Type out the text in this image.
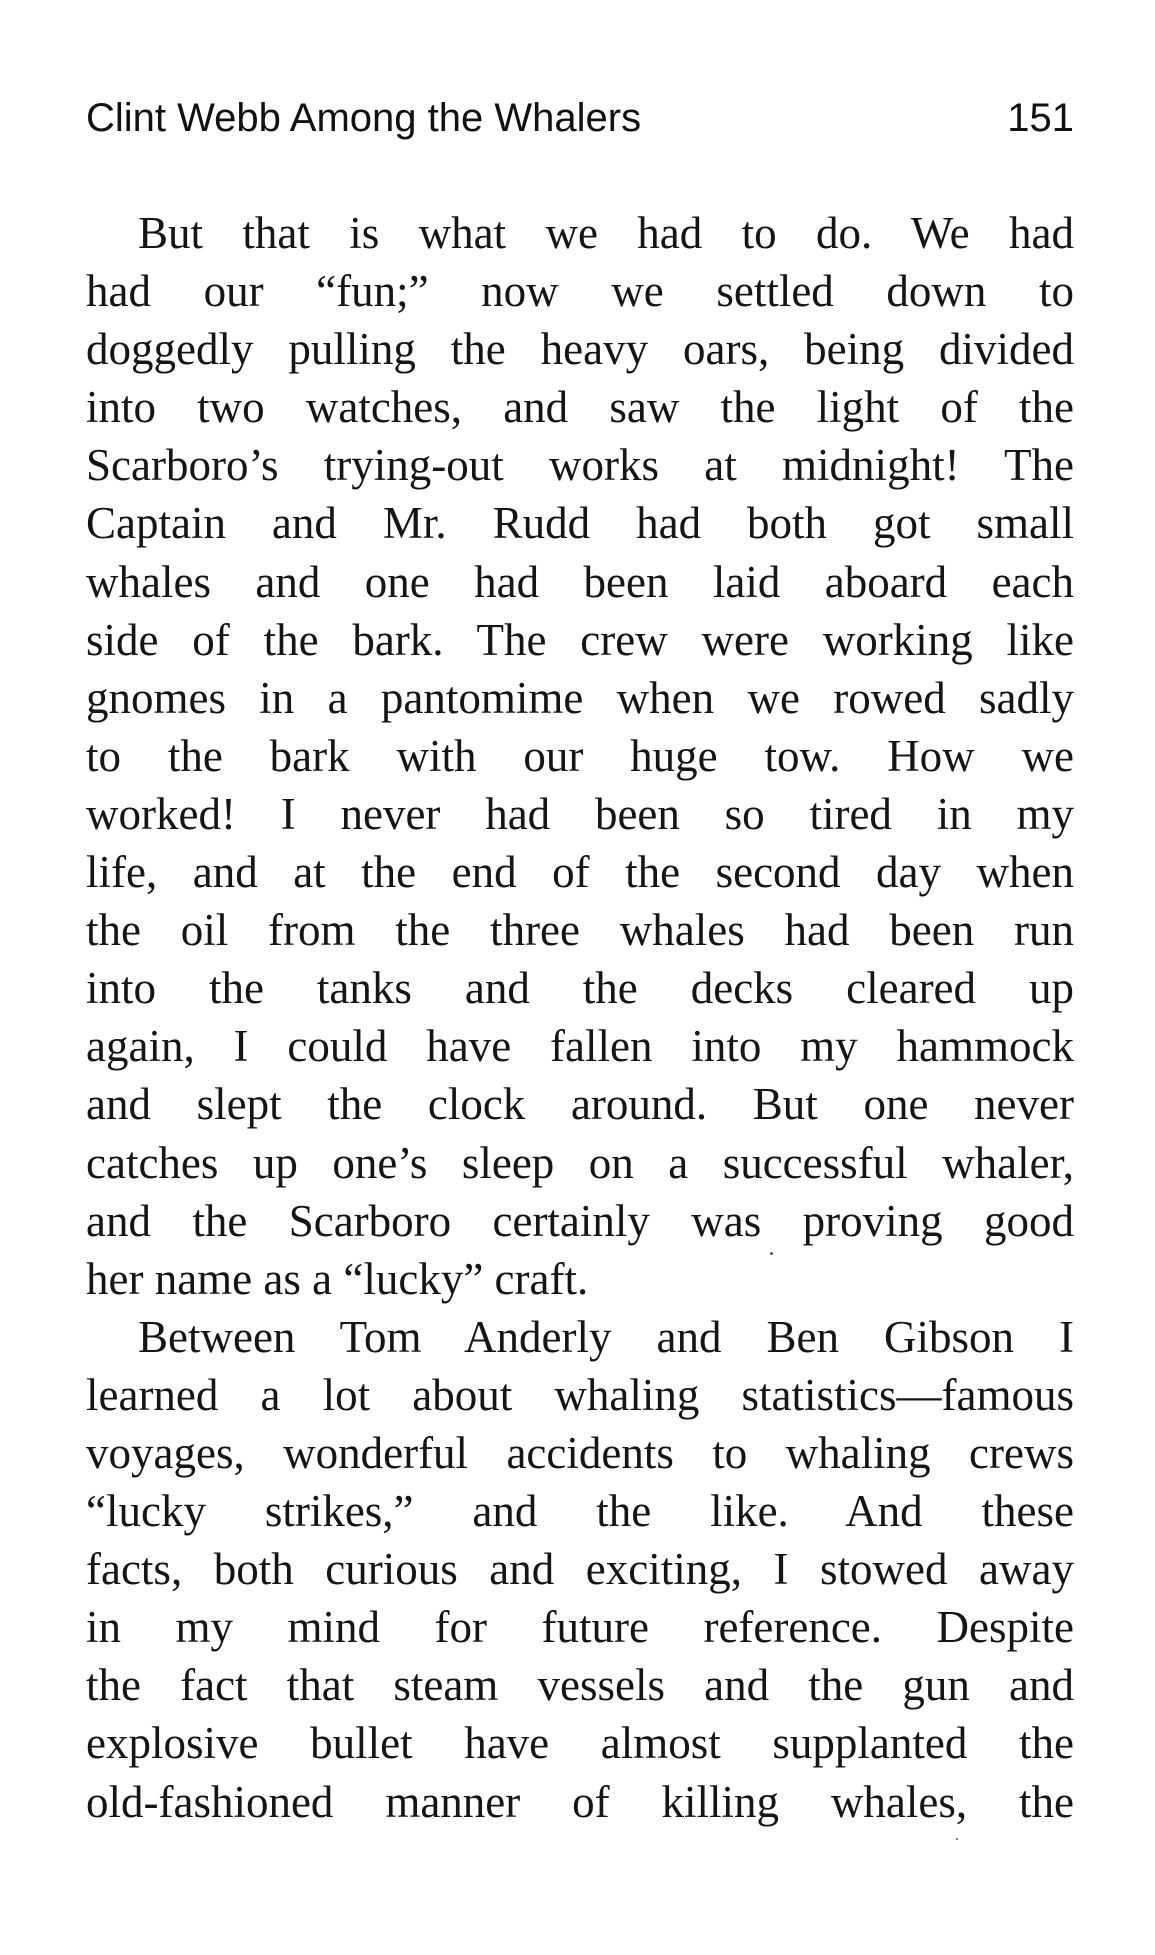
Clint Webb Among the Whalers	151
But that is what we had to do. We had
had our “fun;” now we settled down to
doggedly pulling the heavy oars, being divided
into two watches, and saw the light of the
Scarboro’s trying-out works at midnight! The
Captain and Mr. Rudd had both got small
whales and one had been laid aboard each
side of the bark. The crew were working like
gnomes in a pantomime when we rowed sadly
to the bark with our huge tow. How we
worked! I never had been so tired in my
life, and at the end of the second day when
the oil from the three whales had been run
into the tanks and the decks cleared up
again, I could have fallen into my hammock
and slept the clock around. But one never
catches up one’s sleep on a successful whaler,
and the Scarboro certainly was proving good
her name as a “lucky” craft.
Between Tom Anderly and Ben Gibson I
learned a lot about whaling statistics—famous
voyages, wonderful accidents to whaling crews
“lucky strikes,” and the like. And these
facts, both curious and exciting, I stowed away
in my mind for future reference. Despite
the fact that steam vessels and the gun and
explosive bullet have almost supplanted the
old-fashioned manner of killing whales, the
